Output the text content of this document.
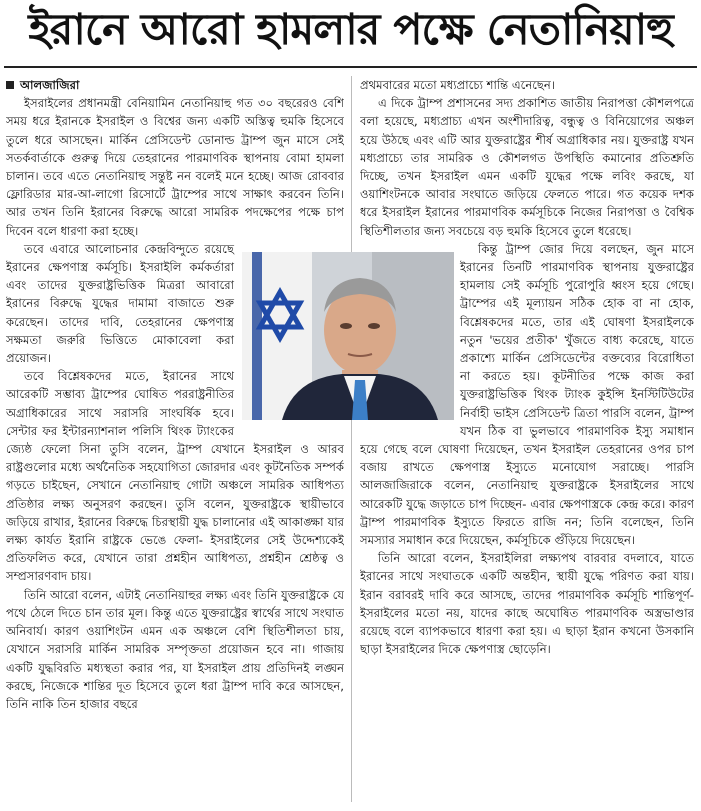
ইরানে আরো হামলার পক্ষে নেতানিয়াহু
আলজাজিরা

ইসরাইলের প্রধানমন্ত্রী বেনিয়ামিন নেতানিয়াহু গত ৩০ বছরেরও বেশি সময় ধরে ইরানকে ইসরাইল ও বিশ্বের জন্য একটি অস্তিত্ব হুমকি হিসেবে তুলে ধরে আসছেন। মার্কিন প্রেসিডেন্ট ডোনাল্ড ট্রাম্প জুন মাসে সেই সতর্কবার্তাকে গুরুত্ব দিয়ে তেহরানের পারমাণবিক স্থাপনায় বোমা হামলা চালান। তবে এতে নেতানিয়াহু সন্তুষ্ট নন বলেই মনে হচ্ছে। আজ রোববার ফ্লোরিডার মার-আ-লাগো রিসোর্টে ট্রাম্পের সাথে সাক্ষাৎ করবেন তিনি। আর তখন তিনি ইরানের বিরুদ্ধে আরো সামরিক পদক্ষেপের পক্ষে চাপ দিবেন বলে ধারণা করা হচ্ছে।

তবে এবারে আলোচনার কেন্দ্রবিন্দুতে রয়েছে ইরানের ক্ষেপণাস্ত্র কর্মসূচি। ইসরাইলি কর্মকর্তারা এবং তাদের যুক্তরাষ্ট্রভিত্তিক মিত্ররা আবারো ইরানের বিরুদ্ধে যুদ্ধের দামামা বাজাতে শুরু করেছেন। তাদের দাবি, তেহরানের ক্ষেপণাস্ত্র সক্ষমতা জরুরি ভিত্তিতে মোকাবেলা করা প্রয়োজন।

তবে বিশ্লেষকদের মতে, ইরানের সাথে আরেকটি সম্ভাব্য ট্রাম্পের ঘোষিত পররাষ্ট্রনীতির অগ্রাধিকারের সাথে সরাসরি সাংঘর্ষিক হবে। সেন্টার ফর ইন্টারন্যাশনাল পলিসি থিংক ট্যাংকের জ্যেষ্ঠ ফেলো সিনা তুসি বলেন, ট্রাম্প যেখানে ইসরাইল ও আরব রাষ্ট্রগুলোর মধ্যে অর্থনৈতিক সহযোগিতা জোরদার এবং কূটনৈতিক সম্পর্ক গড়তে চাইছেন, সেখানে নেতানিয়াহু গোটা অঞ্চলে সামরিক আধিপত্য প্রতিষ্ঠার লক্ষ্য অনুসরণ করছেন। তুসি বলেন, যুক্তরাষ্ট্রকে স্থায়ীভাবে জড়িয়ে রাখার, ইরানের বিরুদ্ধে চিরস্থায়ী যুদ্ধ চালানোর এই আকাঙ্ক্ষা যার লক্ষ্য কার্যত ইরানি রাষ্ট্রকে ভেঙে ফেলা- ইসরাইলের সেই উদ্দেশ্যকেই প্রতিফলিত করে, যেখানে তারা প্রশ্নহীন আধিপত্য, প্রশ্নহীন শ্রেষ্ঠত্ব ও সম্প্রসারণবাদ চায়।

তিনি আরো বলেন, এটাই নেতানিয়াহুর লক্ষ্য এবং তিনি যুক্তরাষ্ট্রকে যে পথে ঠেলে দিতে চান তার মূল। কিন্তু এতে যুক্তরাষ্ট্রের স্বার্থের সাথে সংঘাত অনিবার্য। কারণ ওয়াশিংটন এমন এক অঞ্চলে বেশি স্থিতিশীলতা চায়, যেখানে সরাসরি মার্কিন সামরিক সম্পৃক্ততা প্রয়োজন হবে না। গাজায় একটি যুদ্ধবিরতি মধ্যস্থতা করার পর, যা ইসরাইল প্রায় প্রতিদিনই লঙ্ঘন করছে, নিজেকে শান্তির দূত হিসেবে তুলে ধরা ট্রাম্প দাবি করে আসছেন, তিনি নাকি তিন হাজার বছরে

প্রথমবারের মতো মধ্যপ্রাচ্যে শান্তি এনেছেন।

এ দিকে ট্রাম্প প্রশাসনের সদ্য প্রকাশিত জাতীয় নিরাপত্তা কৌশলপত্রে বলা হয়েছে, মধ্যপ্রাচ্য এখন অংশীদারিত্ব, বন্ধুত্ব ও বিনিয়োগের অঞ্চল হয়ে উঠছে এবং এটি আর যুক্তরাষ্ট্রের শীর্ষ অগ্রাধিকার নয়। যুক্তরাষ্ট্র যখন মধ্যপ্রাচ্যে তার সামরিক ও কৌশলগত উপস্থিতি কমানোর প্রতিশ্রুতি দিচ্ছে, তখন ইসরাইল এমন একটি যুদ্ধের পক্ষে লবিং করছে, যা ওয়াশিংটনকে আবার সংঘাতে জড়িয়ে ফেলতে পারে। গত কয়েক দশক ধরে ইসরাইল ইরানের পারমাণবিক কর্মসূচিকে নিজের নিরাপত্তা ও বৈশ্বিক স্থিতিশীলতার জন্য সবচেয়ে বড় হুমকি হিসেবে তুলে ধরেছে।

কিন্তু ট্রাম্প জোর দিয়ে বলছেন, জুন মাসে ইরানের তিনটি পারমাণবিক স্থাপনায় যুক্তরাষ্ট্রের হামলায় সেই কর্মসূচি পুরোপুরি ধ্বংস হয়ে গেছে। ট্রাম্পের এই মূল্যায়ন সঠিক হোক বা না হোক, বিশ্লেষকদের মতে, তার এই ঘোষণা ইসরাইলকে নতুন 'ভয়ের প্রতীক' খুঁজতে বাধ্য করেছে, যাতে প্রকাশ্যে মার্কিন প্রেসিডেন্টের বক্তব্যের বিরোধিতা না করতে হয়। কূটনীতির পক্ষে কাজ করা যুক্তরাষ্ট্রভিত্তিক থিংক ট্যাংক কুইন্সি ইনস্টিটিউটের নির্বাহী ভাইস প্রেসিডেন্ট ত্রিতা পারসি বলেন, ট্রাম্প যখন ঠিক বা ভুলভাবে পারমাণবিক ইস্যু সমাধান হয়ে গেছে বলে ঘোষণা দিয়েছেন, তখন ইসরাইল তেহরানের ওপর চাপ বজায় রাখতে ক্ষেপণাস্ত্র ইস্যুতে মনোযোগ সরাচ্ছে। পারসি আলজাজিরাকে বলেন, নেতানিয়াহু যুক্তরাষ্ট্রকে ইসরাইলের সাথে আরেকটি যুদ্ধে জড়াতে চাপ দিচ্ছেন- এবার ক্ষেপণাস্ত্রকে কেন্দ্র করে। কারণ ট্রাম্প পারমাণবিক ইস্যুতে ফিরতে রাজি নন; তিনি বলেছেন, তিনি সমস্যার সমাধান করে দিয়েছেন, কর্মসূচিকে গুঁড়িয়ে দিয়েছেন।

তিনি আরো বলেন, ইসরাইলিরা লক্ষ্যপথ বারবার বদলাবে, যাতে ইরানের সাথে সংঘাতকে একটি অন্তহীন, স্থায়ী যুদ্ধে পরিণত করা যায়। ইরান বরাবরই দাবি করে আসছে, তাদের পারমাণবিক কর্মসূচি শান্তিপূর্ণ- ইসরাইলের মতো নয়, যাদের কাছে অঘোষিত পারমাণবিক অস্ত্রভাণ্ডার রয়েছে বলে ব্যাপকভাবে ধারণা করা হয়। এ ছাড়া ইরান কখনো উসকানি ছাড়া ইসরাইলের দিকে ক্ষেপণাস্ত্র ছোড়েনি।
